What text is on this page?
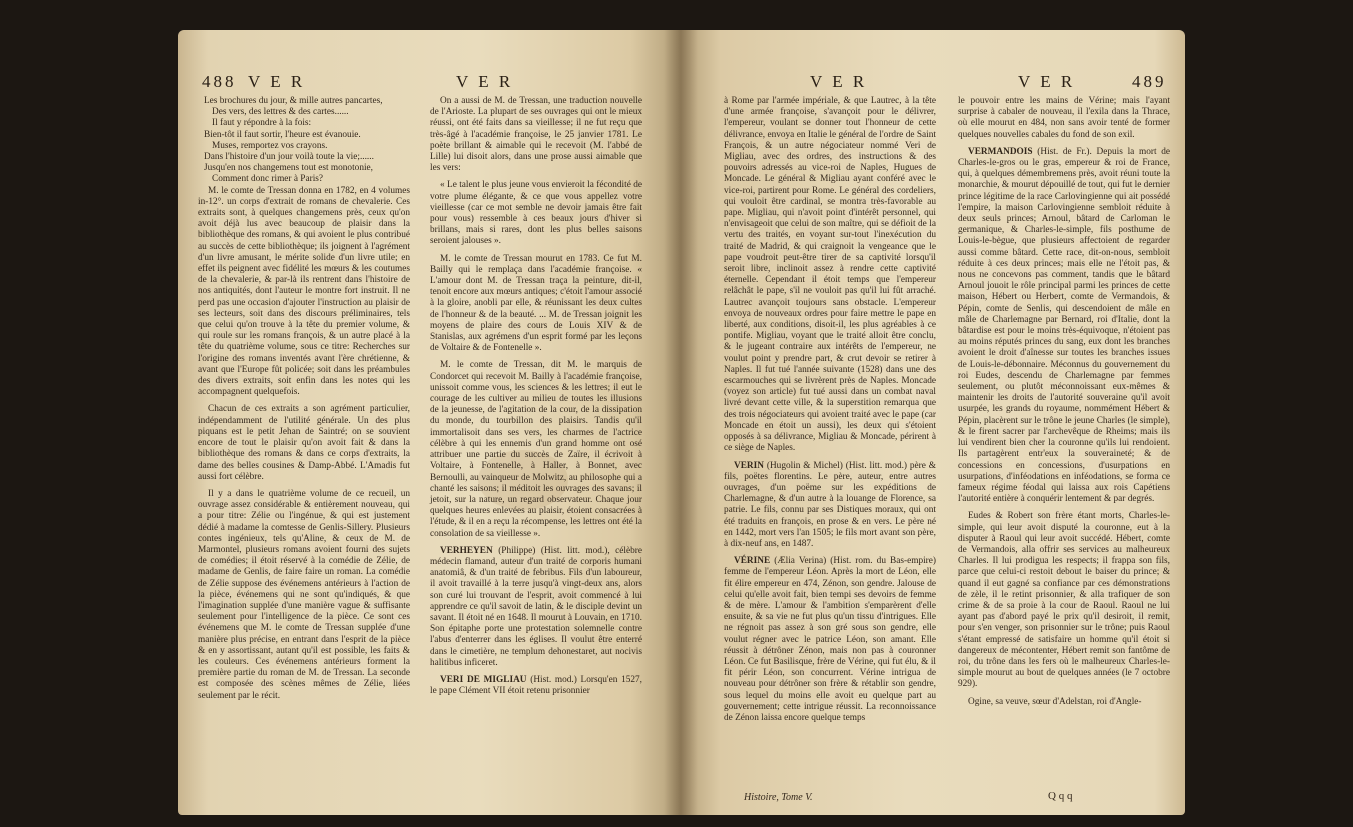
488 V E R	V E R

Les brochures du jour, & mille autres pancartes,

Des vers, des lettres & des cartes......

Il faut y répondre à la fois:

Bien-tôt il faut sortir, l'heure est évanouie.

Muses, remportez vos crayons.

Dans l'histoire d'un jour voilà toute la vie;......

Jusqu'en nos changemens tout est monotonie,

Comment donc rimer à Paris?

M. le comte de Tressan donna en 1782, en 4 volumes in-12°. un corps d'extrait de romans de chevalerie. Ces extraits sont, à quelques changemens près, ceux qu'on avoit déjà lus avec beaucoup de plaisir dans la bibliothèque des romans, & qui avoient le plus contribué au succès de cette bibliothèque; ils joignent à l'agrément d'un livre amusant, le mérite solide d'un livre utile; en effet ils peignent avec fidélité les mœurs & les coutumes de la chevalerie, & par-là ils rentrent dans l'histoire de nos antiquités, dont l'auteur le montre fort instruit. Il ne perd pas une occasion d'ajouter l'instruction au plaisir de ses lecteurs, soit dans des discours préliminaires, tels que celui qu'on trouve à la tête du premier volume, & qui roule sur les romans françois, & un autre placé à la tête du quatrième volume, sous ce titre: Recherches sur l'origine des romans inventés avant l'ère chrétienne, & avant que l'Europe fût policée; soit dans les préambules des divers extraits, soit enfin dans les notes qui les accompagnent quelquefois.

Chacun de ces extraits a son agrément particulier, indépendamment de l'utilité générale. Un des plus piquans est le petit Jehan de Saintré; on se souvient encore de tout le plaisir qu'on avoit fait & dans la bibliothèque des romans & dans ce corps d'extraits, la dame des belles cousines & Damp-Abbé. L'Amadis fut aussi fort célèbre.

Il y a dans le quatrième volume de ce recueil, un ouvrage assez considérable & entièrement nouveau, qui a pour titre: Zélie ou l'ingénue, & qui est justement dédié à madame la comtesse de Genlis-Sillery. Plusieurs contes ingénieux, tels qu'Aline, & ceux de M. de Marmontel, plusieurs romans avoient fourni des sujets de comédies; il étoit réservé à la comédie de Zélie, de madame de Genlis, de faire faire un roman. La comédie de Zélie suppose des événemens antérieurs à l'action de la pièce, événemens qui ne sont qu'indiqués, & que l'imagination supplée d'une manière vague & suffisante seulement pour l'intelligence de la pièce. Ce sont ces événemens que M. le comte de Tressan supplée d'une manière plus précise, en entrant dans l'esprit de la pièce & en y assortissant, autant qu'il est possible, les faits & les couleurs. Ces événemens antérieurs forment la première partie du roman de M. de Tressan. La seconde est composée des scènes mêmes de Zélie, liées seulement par le récit.

On a aussi de M. de Tressan, une traduction nouvelle de l'Arioste. La plupart de ses ouvrages qui ont le mieux réussi, ont été faits dans sa vieillesse; il ne fut reçu que très-âgé à l'académie françoise, le 25 janvier 1781. Le poète brillant & aimable qui le recevoit (M. l'abbé de Lille) lui disoit alors, dans une prose aussi aimable que les vers:

« Le talent le plus jeune vous envieroit la fécondité de votre plume élégante, & ce que vous appellez votre vieillesse (car ce mot semble ne devoir jamais être fait pour vous) ressemble à ces beaux jours d'hiver si brillans, mais si rares, dont les plus belles saisons seroient jalouses ».

M. le comte de Tressan mourut en 1783. Ce fut M. Bailly qui le remplaça dans l'académie françoise. « L'amour dont M. de Tressan traça la peinture, dit-il, tenoit encore aux mœurs antiques; c'étoit l'amour associé à la gloire, anobli par elle, & réunissant les deux cultes de l'honneur & de la beauté. ... M. de Tressan joignit les moyens de plaire des cours de Louis XIV & de Stanislas, aux agrémens d'un esprit formé par les leçons de Voltaire & de Fontenelle ».

M. le comte de Tressan, dit M. le marquis de Condorcet qui recevoit M. Bailly à l'académie françoise, unissoit comme vous, les sciences & les lettres; il eut le courage de les cultiver au milieu de toutes les illusions de la jeunesse, de l'agitation de la cour, de la dissipation du monde, du tourbillon des plaisirs. Tandis qu'il immortalisoit dans ses vers, les charmes de l'actrice célèbre à qui les ennemis d'un grand homme ont osé attribuer une partie du succès de Zaïre, il écrivoit à Voltaire, à Fontenelle, à Haller, à Bonnet, avec Bernoulli, au vainqueur de Molwitz, au philosophe qui a chanté les saisons; il méditoit les ouvrages des savans; il jetoit, sur la nature, un regard observateur. Chaque jour quelques heures enlevées au plaisir, étoient consacrées à l'étude, & il en a reçu la récompense, les lettres ont été la consolation de sa vieillesse ».

VERHEYEN (Philippe) (Hist. litt. mod.), célèbre médecin flamand, auteur d'un traité de corporis humani anatomiâ, & d'un traité de febribus. Fils d'un laboureur, il avoit travaillé à la terre jusqu'à vingt-deux ans, alors son curé lui trouvant de l'esprit, avoit commencé à lui apprendre ce qu'il savoit de latin, & le disciple devint un savant. Il étoit né en 1648. Il mourut à Louvain, en 1710. Son épitaphe porte une protestation solemnelle contre l'abus d'enterrer dans les églises. Il voulut être enterré dans le cimetière, ne templum dehonestaret, aut nocivis halitibus inficeret.

VERI DE MIGLIAU (Hist. mod.) Lorsqu'en 1527, le pape Clément VII étoit retenu prisonnier

V E R	V E R	489

à Rome par l'armée impériale, & que Lautrec, à la tête d'une armée françoise, s'avançoit pour le délivrer, l'empereur, voulant se donner tout l'honneur de cette délivrance, envoya en Italie le général de l'ordre de Saint François, & un autre négociateur nommé Veri de Migliau, avec des ordres, des instructions & des pouvoirs adressés au vice-roi de Naples, Hugues de Moncade. Le général & Migliau ayant conféré avec le vice-roi, partirent pour Rome. Le général des cordeliers, qui vouloit être cardinal, se montra très-favorable au pape. Migliau, qui n'avoit point d'intérêt personnel, qui n'envisageoit que celui de son maître, qui se défioit de la vertu des traités, en voyant sur-tout l'inexécution du traité de Madrid, & qui craignoit la vengeance que le pape voudroit peut-être tirer de sa captivité lorsqu'il seroit libre, inclinoit assez à rendre cette captivité éternelle. Cependant il étoit temps que l'empereur relâchât le pape, s'il ne vouloit pas qu'il lui fût arraché. Lautrec avançoit toujours sans obstacle. L'empereur envoya de nouveaux ordres pour faire mettre le pape en liberté, aux conditions, disoit-il, les plus agréables à ce pontife. Migliau, voyant que le traité alloit être conclu, & le jugeant contraire aux intérêts de l'empereur, ne voulut point y prendre part, & crut devoir se retirer à Naples. Il fut tué l'année suivante (1528) dans une des escarmouches qui se livrèrent près de Naples. Moncade (voyez son article) fut tué aussi dans un combat naval livré devant cette ville, & la superstition remarqua que des trois négociateurs qui avoient traité avec le pape (car Moncade en étoit un aussi), les deux qui s'étoient opposés à sa délivrance, Migliau & Moncade, périrent à ce siège de Naples.

VERIN (Hugolin & Michel) (Hist. litt. mod.) père & fils, poëtes florentins. Le père, auteur, entre autres ouvrages, d'un poëme sur les expéditions de Charlemagne, & d'un autre à la louange de Florence, sa patrie. Le fils, connu par ses Distiques moraux, qui ont été traduits en françois, en prose & en vers. Le père né en 1442, mort vers l'an 1505; le fils mort avant son père, à dix-neuf ans, en 1487.

VÉRINE (Ælia Verina) (Hist. rom. du Bas-empire) femme de l'empereur Léon. Après la mort de Léon, elle fit élire empereur en 474, Zénon, son gendre. Jalouse de celui qu'elle avoit fait, bien tempi ses devoirs de femme & de mère. L'amour & l'ambition s'emparèrent d'elle ensuite, & sa vie ne fut plus qu'un tissu d'intrigues. Elle ne régnoit pas assez à son gré sous son gendre, elle voulut régner avec le patrice Léon, son amant. Elle réussit à détrôner Zénon, mais non pas à couronner Léon. Ce fut Basilisque, frère de Vérine, qui fut élu, & il fit périr Léon, son concurrent. Vérine intrigua de nouveau pour détrôner son frère & rétablir son gendre, sous lequel du moins elle avoit eu quelque part au gouvernement; cette intrigue réussit. La reconnoissance de Zénon laissa encore quelque temps

le pouvoir entre les mains de Vérine; mais l'ayant surprise à cabaler de nouveau, il l'exila dans la Thrace, où elle mourut en 484, non sans avoir tenté de former quelques nouvelles cabales du fond de son exil.

VERMANDOIS (Hist. de Fr.). Depuis la mort de Charles-le-gros ou le gras, empereur & roi de France, qui, à quelques démembremens près, avoit réuni toute la monarchie, & mourut dépouillé de tout, qui fut le dernier prince légitime de la race Carlovingienne qui ait possédé l'empire, la maison Carlovingienne sembloit réduite à deux seuls princes; Arnoul, bâtard de Carloman le germanique, & Charles-le-simple, fils posthume de Louis-le-bègue, que plusieurs affectoient de regarder aussi comme bâtard. Cette race, dit-on-nous, sembloit réduite à ces deux princes; mais elle ne l'étoit pas, & nous ne concevons pas comment, tandis que le bâtard Arnoul jouoit le rôle principal parmi les princes de cette maison, Hébert ou Herbert, comte de Vermandois, & Pépin, comte de Senlis, qui descendoient de mâle en mâle de Charlemagne par Bernard, roi d'Italie, dont la bâtardise est pour le moins très-équivoque, n'étoient pas au moins réputés princes du sang, eux dont les branches avoient le droit d'aînesse sur toutes les branches issues de Louis-le-débonnaire. Méconnus du gouvernement du roi Eudes, descendu de Charlemagne par femmes seulement, ou plutôt méconnoissant eux-mêmes & maintenir les droits de l'autorité souveraine qu'il avoit usurpée, les grands du royaume, nommément Hébert & Pépin, placèrent sur le trône le jeune Charles (le simple), & le firent sacrer par l'archevêque de Rheims; mais ils lui vendirent bien cher la couronne qu'ils lui rendoient. Ils partagèrent entr'eux la souveraineté; & de concessions en concessions, d'usurpations en usurpations, d'inféodations en inféodations, se forma ce fameux régime féodal qui laissa aux rois Capétiens l'autorité entière à conquérir lentement & par degrés.

Eudes & Robert son frère étant morts, Charles-le-simple, qui leur avoit disputé la couronne, eut à la disputer à Raoul qui leur avoit succédé. Hébert, comte de Vermandois, alla offrir ses services au malheureux Charles. Il lui prodigua les respects; il frappa son fils, parce que celui-ci restoit debout le baiser du prince; & quand il eut gagné sa confiance par ces démonstrations de zèle, il le retint prisonnier, & alla trafiquer de son crime & de sa proie à la cour de Raoul. Raoul ne lui ayant pas d'abord payé le prix qu'il desiroit, il remit, pour s'en venger, son prisonnier sur le trône; puis Raoul s'étant empressé de satisfaire un homme qu'il étoit si dangereux de mécontenter, Hébert remit son fantôme de roi, du trône dans les fers où le malheureux Charles-le-simple mourut au bout de quelques années (le 7 octobre 929).

Ogine, sa veuve, sœur d'Adelstan, roi d'Angle-

Histoire, Tome V.	Q q q
